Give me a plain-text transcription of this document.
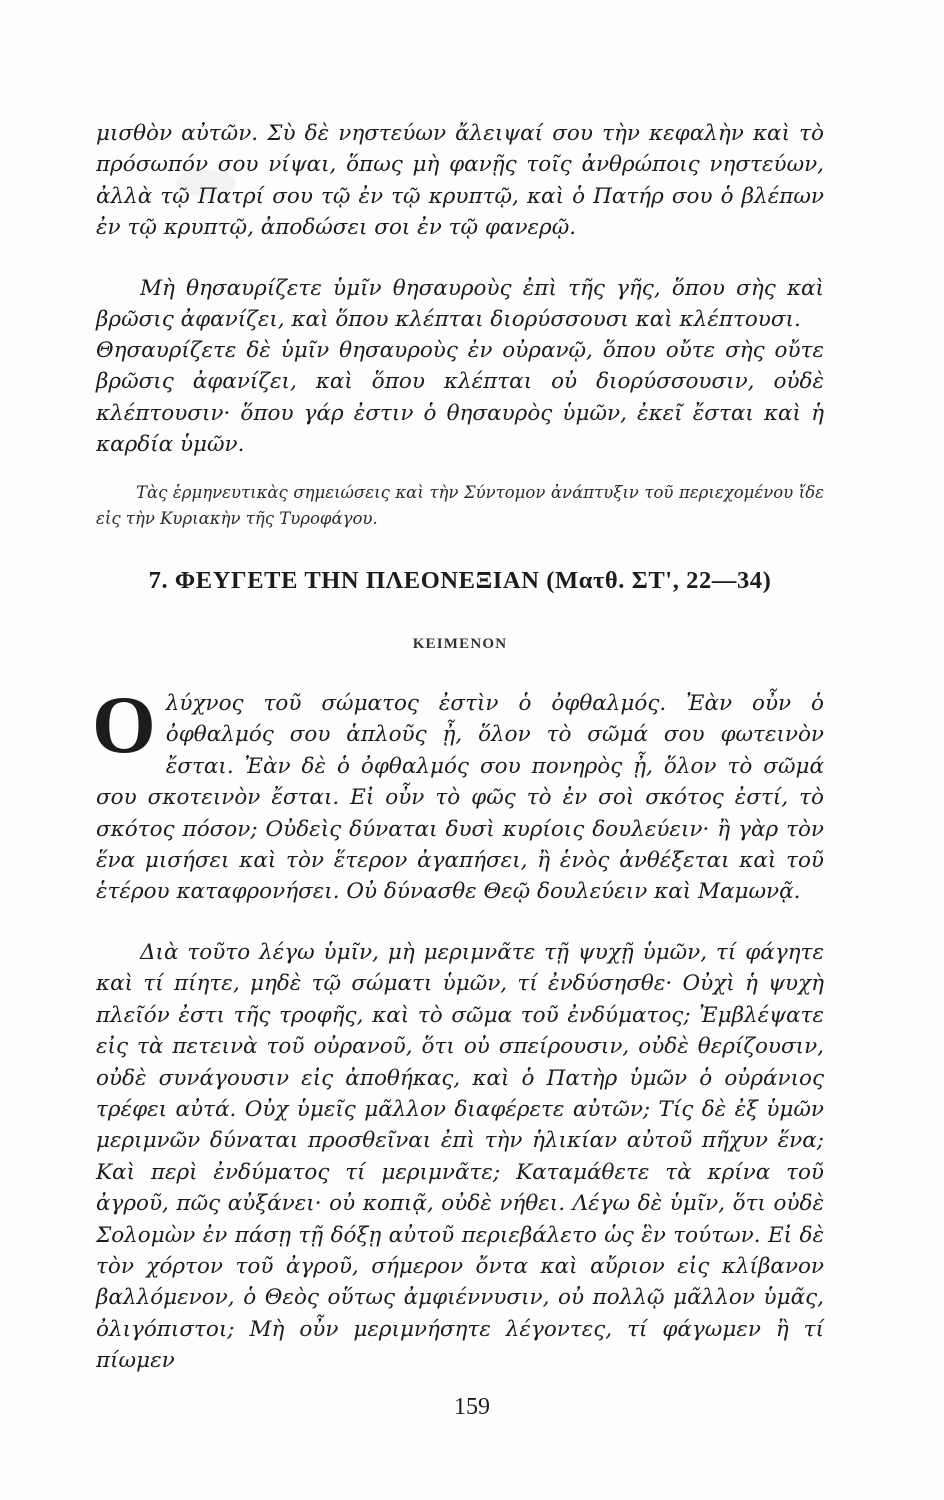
μισθὸν αὐτῶν. Σὺ δὲ νηστεύων ἄλειψαί σου τὴν κεφαλὴν καὶ τὸ πρόσωπόν σου νίψαι, ὅπως μὴ φανῇς τοῖς ἀνθρώποις νηστεύων, ἀλλὰ τῷ Πατρί σου τῷ ἐν τῷ κρυπτῷ, καὶ ὁ Πατήρ σου ὁ βλέπων ἐν τῷ κρυπτῷ, ἀποδώσει σοι ἐν τῷ φανερῷ.

Μὴ θησαυρίζετε ὑμῖν θησαυροὺς ἐπὶ τῆς γῆς, ὅπου σὴς καὶ βρῶσις ἀφανίζει, καὶ ὅπου κλέπται διορύσσουσι καὶ κλέπτουσι.

Θησαυρίζετε δὲ ὑμῖν θησαυροὺς ἐν οὐρανῷ, ὅπου οὔτε σὴς οὔτε βρῶσις ἀφανίζει, καὶ ὅπου κλέπται οὐ διορύσσουσιν, οὐδὲ κλέπτουσιν· ὅπου γάρ ἐστιν ὁ θησαυρὸς ὑμῶν, ἐκεῖ ἔσται καὶ ἡ καρδία ὑμῶν.

Τὰς ἑρμηνευτικὰς σημειώσεις καὶ τὴν Σύντομον ἀνάπτυξιν τοῦ περιεχομένου ἴδε εἰς τὴν Κυριακὴν τῆς Τυροφάγου.

7. ΦΕΥΓΕΤΕ ΤΗΝ ΠΛΕΟΝΕΞΙΑΝ (Ματθ. ΣΤ', 22—34)
ΚΕΙΜΕΝΟΝ
Ο λύχνος τοῦ σώματος ἐστὶν ὁ ὀφθαλμός. Ἐὰν οὖν ὁ ὀφθαλμός σου ἁπλοῦς ᾖ, ὅλον τὸ σῶμά σου φωτεινὸν ἔσται. Ἐὰν δὲ ὁ ὀφθαλμός σου πονηρὸς ᾖ, ὅλον τὸ σῶμά σου σκοτεινὸν ἔσται. Εἰ οὖν τὸ φῶς τὸ ἐν σοὶ σκότος ἐστί, τὸ σκότος πόσον; Οὐδεὶς δύναται δυσὶ κυρίοις δουλεύειν· ἢ γὰρ τὸν ἕνα μισήσει καὶ τὸν ἕτερον ἀγαπήσει, ἢ ἑνὸς ἀνθέξεται καὶ τοῦ ἑτέρου καταφρονήσει. Οὐ δύνασθε Θεῷ δουλεύειν καὶ Μαμωνᾷ.

Διὰ τοῦτο λέγω ὑμῖν, μὴ μεριμνᾶτε τῇ ψυχῇ ὑμῶν, τί φάγητε καὶ τί πίητε, μηδὲ τῷ σώματι ὑμῶν, τί ἐνδύσησθε· Οὐχὶ ἡ ψυχὴ πλεῖόν ἐστι τῆς τροφῆς, καὶ τὸ σῶμα τοῦ ἐνδύματος; Ἐμβλέψατε εἰς τὰ πετεινὰ τοῦ οὐρανοῦ, ὅτι οὐ σπείρουσιν, οὐδὲ θερίζουσιν, οὐδὲ συνάγουσιν εἰς ἀποθήκας, καὶ ὁ Πατὴρ ὑμῶν ὁ οὐράνιος τρέφει αὐτά. Οὐχ ὑμεῖς μᾶλλον διαφέρετε αὐτῶν; Τίς δὲ ἐξ ὑμῶν μεριμνῶν δύναται προσθεῖναι ἐπὶ τὴν ἡλικίαν αὐτοῦ πῆχυν ἕνα; Καὶ περὶ ἐνδύματος τί μεριμνᾶτε; Καταμάθετε τὰ κρίνα τοῦ ἀγροῦ, πῶς αὐξάνει· οὐ κοπιᾷ, οὐδὲ νήθει. Λέγω δὲ ὑμῖν, ὅτι οὐδὲ Σολομὼν ἐν πάσῃ τῇ δόξῃ αὐτοῦ περιεβάλετο ὡς ἓν τούτων. Εἰ δὲ τὸν χόρτον τοῦ ἀγροῦ, σήμερον ὄντα καὶ αὔριον εἰς κλίβανον βαλλόμενον, ὁ Θεὸς οὕτως ἀμφιέννυσιν, οὐ πολλῷ μᾶλλον ὑμᾶς, ὀλιγόπιστοι; Μὴ οὖν μεριμνήσητε λέγοντες, τί φάγωμεν ἢ τί πίωμεν

159
